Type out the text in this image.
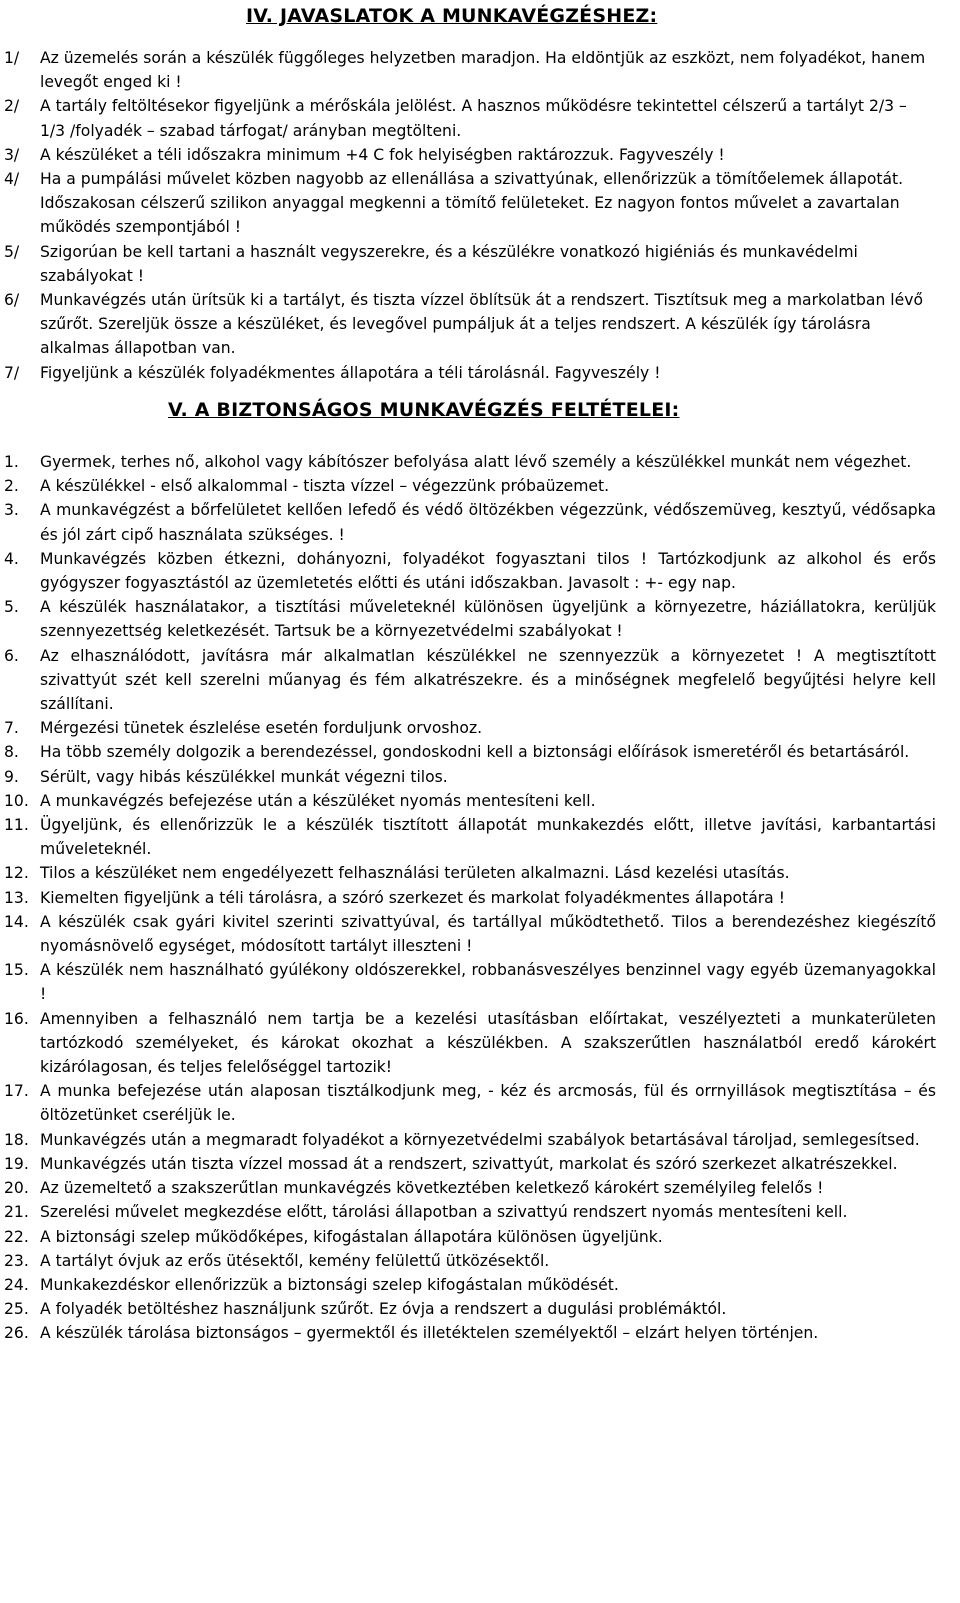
IV. JAVASLATOK A MUNKAVÉGZÉSHEZ:
1/	Az üzemelés során a készülék függőleges helyzetben maradjon. Ha eldöntjük az eszközt, nem folyadékot, hanem levegőt enged ki !
2/	A tartály feltöltésekor figyeljünk a mérőskála jelölést. A hasznos működésre tekintettel célszerű a tartályt 2/3 – 1/3 /folyadék – szabad tárfogat/ arányban megtölteni.
3/	A készüléket a téli időszakra minimum +4 C fok helyiségben raktározzuk. Fagyveszély !
4/	Ha a pumpálási művelet közben nagyobb az ellenállása a szivattyúnak, ellenőrizzük a tömítőelemek állapotát. Időszakosan célszerű szilikon anyaggal megkenni a tömítő felületeket. Ez nagyon fontos művelet a zavartalan működés szempontjából !
5/	Szigorúan be kell tartani a használt vegyszerekre, és a készülékre vonatkozó higiéniás és munkavédelmi szabályokat !
6/	Munkavégzés után ürítsük ki a tartályt, és tiszta vízzel öblítsük át a rendszert. Tisztítsuk meg a markolatban lévő szűrőt. Szereljük össze a készüléket, és levegővel pumpáljuk át a teljes rendszert. A készülék így tárolásra alkalmas állapotban van.
7/	Figyeljünk a készülék folyadékmentes állapotára a téli tárolásnál. Fagyveszély !
V. A BIZTONSÁGOS MUNKAVÉGZÉS FELTÉTELEI:
1.	Gyermek, terhes nő, alkohol vagy kábítószer befolyása alatt lévő személy a készülékkel munkát nem végezhet.
2.	A készülékkel - első alkalommal - tiszta vízzel – végezzünk próbaüzemet.
3.	A munkavégzést a bőrfelületet kellően lefedő és védő öltözékben végezzünk, védőszemüveg, kesztyű, védősapka és jól zárt cipő használata szükséges. !
4.	Munkavégzés közben étkezni, dohányozni, folyadékot fogyasztani tilos ! Tartózkodjunk az alkohol és erős gyógyszer fogyasztástól az üzemletetés előtti és utáni időszakban. Javasolt : +- egy nap.
5.	A készülék használatakor, a tisztítási műveleteknél különösen ügyeljünk a környezetre, háziállatokra, kerüljük szennyezettség keletkezését. Tartsuk be a környezetvédelmi szabályokat !
6.	Az elhasználódott, javításra már alkalmatlan készülékkel ne szennyezzük a környezetet ! A megtisztított szivattyút szét kell szerelni műanyag és fém alkatrészekre. és a minőségnek megfelelő begyűjtési helyre kell szállítani.
7.	Mérgezési tünetek észlelése esetén forduljunk orvoshoz.
8.	Ha több személy dolgozik a berendezéssel, gondoskodni kell a biztonsági előírások ismeretéről és betartásáról.
9.	Sérült, vagy hibás készülékkel munkát végezni tilos.
10. A munkavégzés befejezése után a készüléket nyomás mentesíteni kell.
11. Ügyeljünk, és ellenőrizzük le a készülék tisztított állapotát munkakezdés előtt, illetve javítási, karbantartási műveleteknél.
12. Tilos a készüléket nem engedélyezett felhasználási területen alkalmazni. Lásd kezelési utasítás.
13. Kiemelten figyeljünk a téli tárolásra, a szóró szerkezet és markolat folyadékmentes állapotára !
14. A készülék csak gyári kivitel szerinti szivattyúval, és tartállyal működtethető. Tilos a berendezéshez kiegészítő nyomásnövelő egységet, módosított tartályt illeszteni !
15. A készülék nem használható gyúlékony oldószerekkel, robbanásveszélyes benzinnel vagy egyéb üzemanyagokkal !
16. Amennyiben a felhasználó nem tartja be a kezelési utasításban előírtakat, veszélyezteti a munkaterületen tartózkodó személyeket, és károkat okozhat a készülékben. A szakszerűtlen használatból eredő károkért kizárólagosan, és teljes felelőséggel tartozik!
17. A munka befejezése után alaposan tisztálkodjunk meg, - kéz és arcmosás, fül és orrnyillások megtisztítása – és öltözetünket cseréljük le.
18. Munkavégzés után a megmaradt folyadékot a környezetvédelmi szabályok betartásával tároljad, semlegesítsed.
19. Munkavégzés után tiszta vízzel mossad át a rendszert, szivattyút, markolat és szóró szerkezet alkatrészekkel.
20. Az üzemeltető a szakszerűtlan munkavégzés következtében keletkező károkért személyileg felelős !
21. Szerelési művelet megkezdése előtt, tárolási állapotban a szivattyú rendszert nyomás mentesíteni kell.
22. A biztonsági szelep működőképes, kifogástalan állapotára különösen ügyeljünk.
23. A tartályt óvjuk az erős ütésektől, kemény felülettű ütközésektől.
24. Munkakezdéskor ellenőrizzük a biztonsági szelep kifogástalan működését.
25. A folyadék betöltéshez használjunk szűrőt. Ez óvja a rendszert a dugulási problémáktól.
26. A készülék tárolása biztonságos – gyermektől és illetéktelen személyektől – elzárt helyen történjen.
